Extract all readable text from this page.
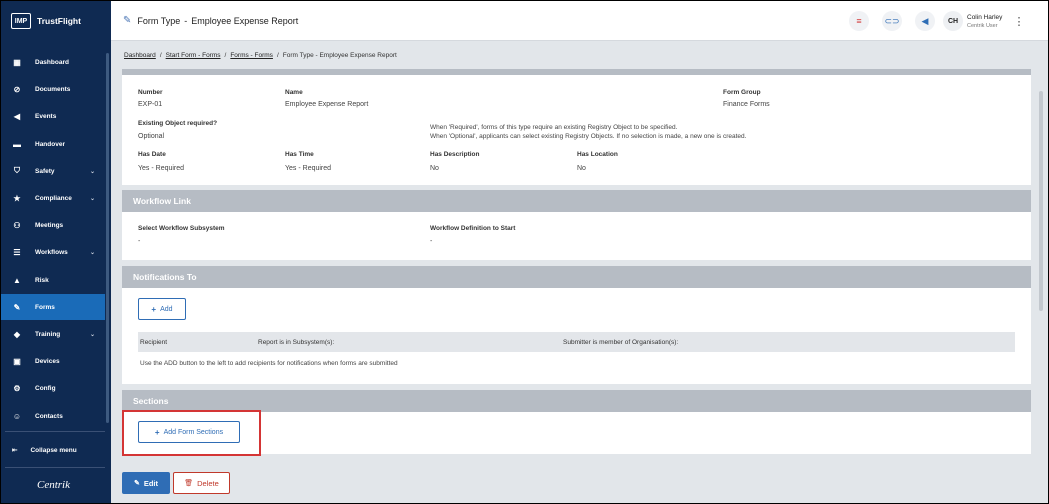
IMP	TrustFlight
▦ Dashboard
⊘ Documents
◀ Events
▬ Handover
⛉	Safety	⌄
★ Compliance	⌄
⚇ Meetings
☰ Workflows	⌄
▲ Risk
✎ Forms
◆ Training	⌄
▣ Devices
⚙ Config
☺ Contacts
⇤ Collapse menu
Centrik
✎ Form Type - Employee Expense Report	≡	⊂⊃	◀	CH
Colin Harley
Centrik User	⋮
Dashboard / Start Form - Forms / Forms - Forms / Form Type - Employee Expense Report
Number
EXP-01
Name
Employee Expense Report
Form Group
Finance Forms
Existing Object required?
Optional
When 'Required', forms of this type require an existing Registry Object to be specified.
When 'Optional', applicants can select existing Registry Objects. If no selection is made, a new one is created.
Has Date
Yes - Required
Has Time
Yes - Required
Has Description
No
Has Location
No
Workflow Link
Select Workflow Subsystem
-
Workflow Definition to Start
-
Notifications To
+ Add
Recipient	Report is in Subsystem(s):	Submitter is member of Organisation(s):
Use the ADD button to the left to add recipients for notifications when forms are submitted
Sections
+ Add Form Sections
✎ Edit	🗑 Delete
